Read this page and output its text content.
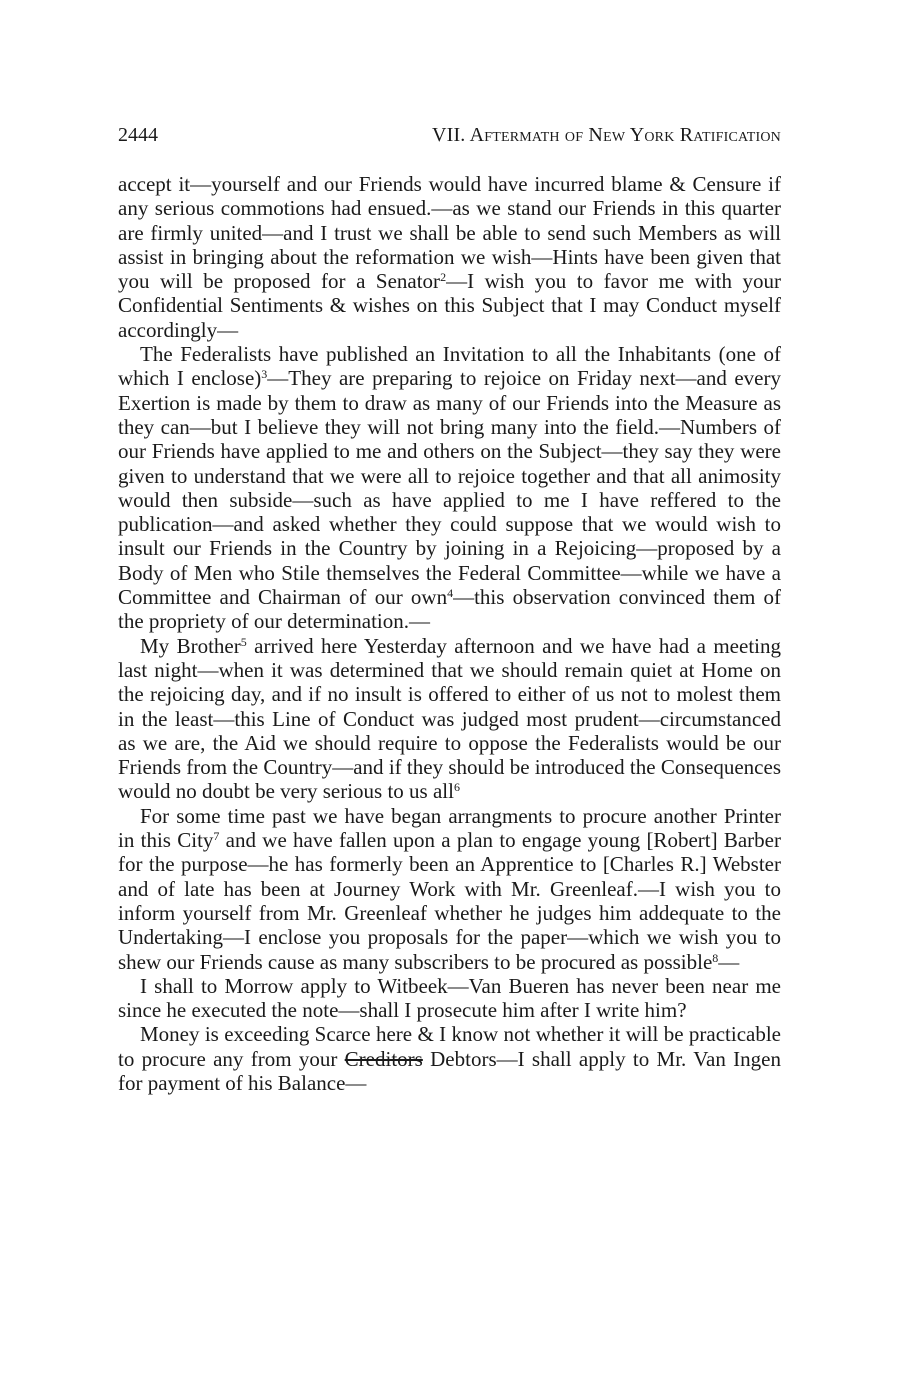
2444	VII. Aftermath of New York Ratification

accept it—yourself and our Friends would have incurred blame & Censure if any serious commotions had ensued.—as we stand our Friends in this quarter are firmly united—and I trust we shall be able to send such Members as will assist in bringing about the reformation we wish—Hints have been given that you will be proposed for a Senator$^2$—I wish you to favor me with your Confidential Sentiments & wishes on this Subject that I may Conduct myself accordingly—

The Federalists have published an Invitation to all the Inhabitants (one of which I enclose)$^3$—They are preparing to rejoice on Friday next—and every Exertion is made by them to draw as many of our Friends into the Measure as they can—but I believe they will not bring many into the field.—Numbers of our Friends have applied to me and others on the Subject—they say they were given to understand that we were all to rejoice together and that all animosity would then subside—such as have applied to me I have reffered to the publication—and asked whether they could suppose that we would wish to insult our Friends in the Country by joining in a Rejoicing—proposed by a Body of Men who Stile themselves the Federal Committee—while we have a Committee and Chairman of our own$^4$—this observation convinced them of the propriety of our determination.—

My Brother$^5$ arrived here Yesterday afternoon and we have had a meeting last night—when it was determined that we should remain quiet at Home on the rejoicing day, and if no insult is offered to either of us not to molest them in the least—this Line of Conduct was judged most prudent—circumstanced as we are, the Aid we should require to oppose the Federalists would be our Friends from the Country—and if they should be introduced the Consequences would no doubt be very serious to us all$^6$

For some time past we have began arrangments to procure another Printer in this City$^7$ and we have fallen upon a plan to engage young [Robert] Barber for the purpose—he has formerly been an Apprentice to [Charles R.] Webster and of late has been at Journey Work with Mr. Greenleaf.—I wish you to inform yourself from Mr. Greenleaf whether he judges him addequate to the Undertaking—I enclose you proposals for the paper—which we wish you to shew our Friends cause as many subscribers to be procured as possible$^8$—

I shall to Morrow apply to Witbeek—Van Bueren has never been near me since he executed the note—shall I prosecute him after I write him?

Money is exceeding Scarce here & I know not whether it will be practicable to procure any from your Creditors Debtors—I shall apply to Mr. Van Ingen for payment of his Balance—
